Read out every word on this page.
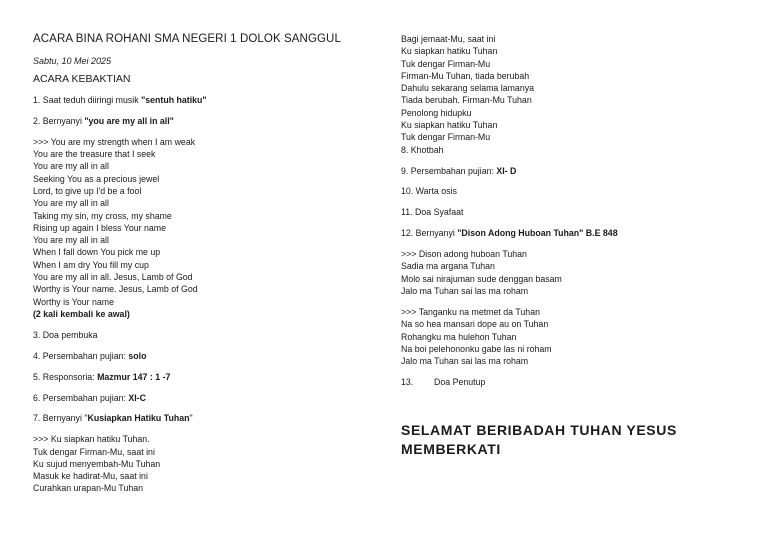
ACARA BINA ROHANI SMA NEGERI 1 DOLOK SANGGUL

Sabtu, 10 Mei 2025

ACARA KEBAKTIAN

1. Saat teduh diiringi musik "sentuh hatiku"

2. Bernyanyi "you are my all in all"

>>> You are my strength when I am weak

You are the treasure that I seek

You are my all in all

Seeking You as a precious jewel

Lord, to give up I'd be a fool

You are my all in all

Taking my sin, my cross, my shame

Rising up again I bless Your name

You are my all in all

When I fall down You pick me up

When I am dry You fill my cup

You are my all in all. Jesus, Lamb of God

Worthy is Your name. Jesus, Lamb of God

Worthy is Your name

(2 kali kembali ke awal)

3. Doa pembuka

4. Persembahan pujian: solo

5. Responsoria: Mazmur 147 : 1 -7

6. Persembahan pujian: XI-C

7. Bernyanyi "Kusiapkan Hatiku Tuhan"

>>> Ku siapkan hatiku Tuhan.

Tuk dengar Firman-Mu, saat ini

Ku sujud menyembah-Mu Tuhan

Masuk ke hadirat-Mu, saat ini

Curahkan urapan-Mu Tuhan

Bagi jemaat-Mu, saat ini

Ku siapkan hatiku Tuhan

Tuk dengar Firman-Mu

Firman-Mu Tuhan, tiada berubah

Dahulu sekarang selama lamanya

Tiada berubah. Firman-Mu Tuhan

Penolong hidupku

Ku siapkan hatiku Tuhan

Tuk dengar Firman-Mu

8. Khotbah

9. Persembahan pujian: XI- D

10. Warta osis

11. Doa Syafaat

12. Bernyanyi "Dison Adong Huboan Tuhan" B.E 848

>>> Dison adong huboan Tuhan

Sadia ma argana Tuhan

Molo sai nirajuman sude denggan basam

Jalo ma Tuhan sai las ma roham

>>> Tanganku na metmet da Tuhan

Na so hea mansari dope au on Tuhan

Rohangku ma hulehon Tuhan

Na boi pelehononku gabe las ni roham

Jalo ma Tuhan sai las ma roham

13. Doa Penutup

SELAMAT BERIBADAH TUHAN YESUS MEMBERKATI
